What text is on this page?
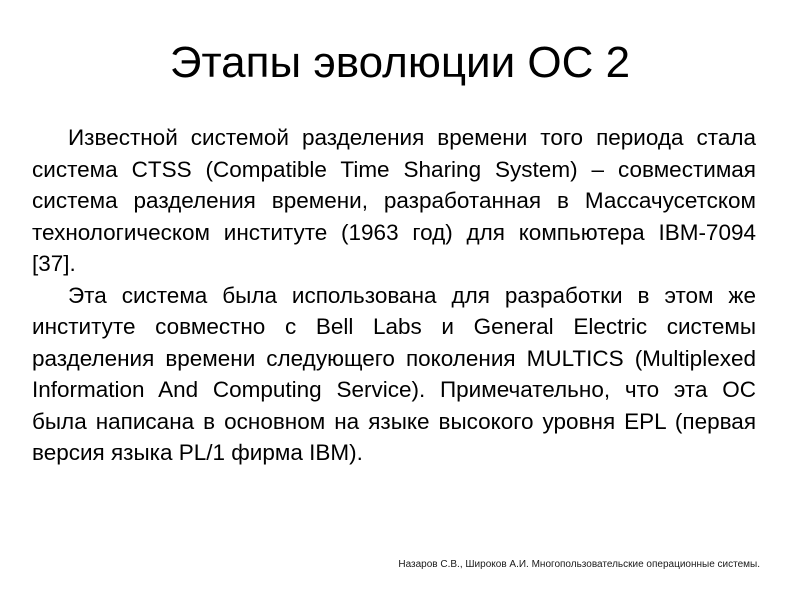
Этапы эволюции ОС 2

Известной системой разделения времени того периода стала система CTSS (Compatible Time Sharing System) – совместимая система разделения времени, разработанная в Массачусетском технологическом институте (1963 год) для компьютера IBM-7094 [37].

Эта система была использована для разработки в этом же институте совместно с Bell Labs и General Electric системы разделения времени следующего поколения MULTICS (Multiplexed Information And Computing Service). Примечательно, что эта ОС была написана в основном на языке высокого уровня EPL (первая версия языка PL/1 фирма IBM).

Назаров С.В., Широков А.И. Многопользовательские операционные системы.
